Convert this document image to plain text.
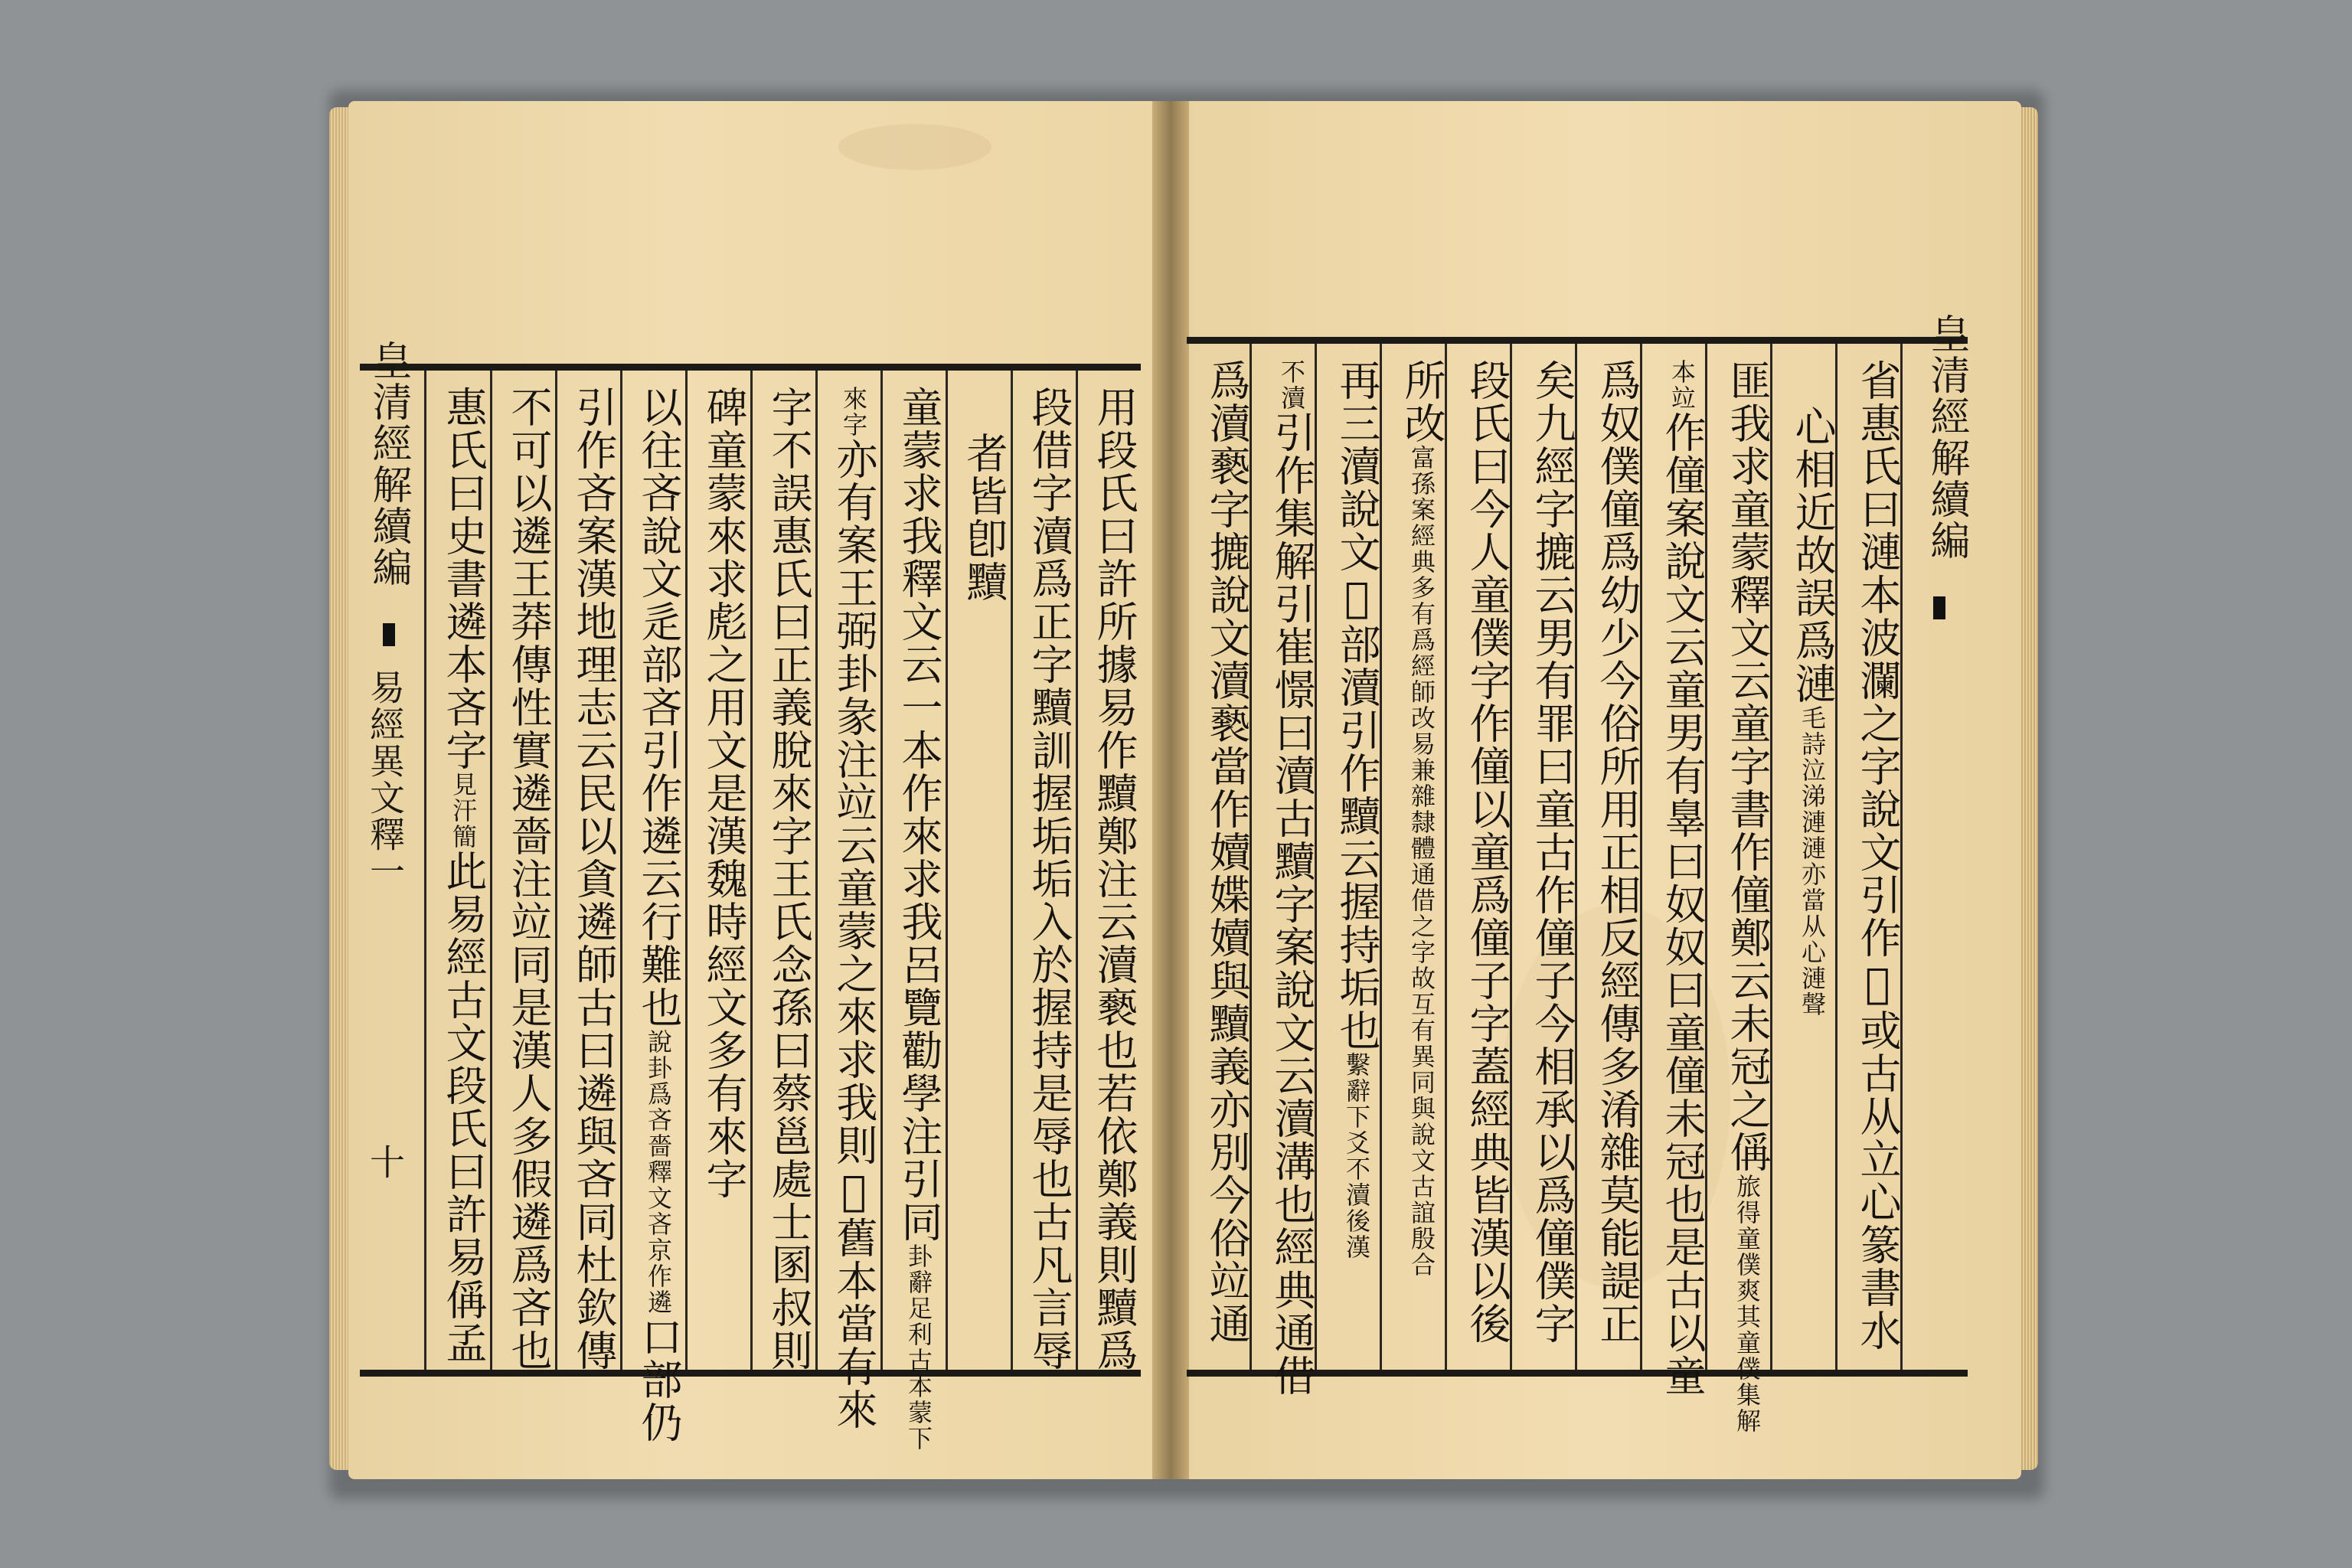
用段氏曰許所據易作黷鄭注云瀆褻也若依鄭義則黷爲
段借字瀆爲正字黷訓握垢垢入於握持是辱也古凡言辱
者皆卽黷
童蒙求我釋文云一本作來求我呂覽勸學注引同卦辭足利古本蒙下
來字亦有案王弼卦彖注竝云童蒙之來求我則𢙢舊本當有來
字不誤惠氏曰正義脫來字王氏念孫曰蔡邕處士圂叔則
碑童蒙來求彪之用文是漢魏時經文多有來字
以往吝說文辵部吝引作遴云行難也說卦爲吝嗇釋文吝京作遴口部仍
引作吝案漢地理志云民以貪遴師古曰遴與吝同杜欽傳
不可以遴王莽傳性實遴嗇注竝同是漢人多假遴爲吝也
惠氏曰史書遴本吝字見汗簡此易經古文段氏曰許易偁孟
皇清經解續編
易經異文釋一
十	省惠氏曰漣本波瀾之字說文引作𢙢或古从立心篆書水
心相近故誤爲漣毛詩泣涕漣漣亦當从心漣聲
匪我求童蒙釋文云童字書作僮鄭云未冠之偁旅得童僕爽其童僕集解
本竝作僮案說文云童男有辠曰奴奴曰童僮未冠也是古以童
爲奴僕僮爲幼少今俗所用正相反經傳多淆雜莫能諟正
矣九經字摝云男有罪曰童古作僮子今相承以爲僮僕字
段氏曰今人童僕字作僮以童爲僮子字蓋經典皆漢以後
所改富孫案經典多有爲經師改易兼雜隸體通借之字故互有異同與說文古誼殷合
再三瀆說文𥙊部瀆引作黷云握持垢也繫辭下爻不瀆後漢
不瀆引作集解引崔憬曰瀆古黷字案說文云瀆溝也經典通借
爲瀆褻字摝說文瀆褻當作嬻媟嬻與黷義亦別今俗竝通	皇清經解續編
